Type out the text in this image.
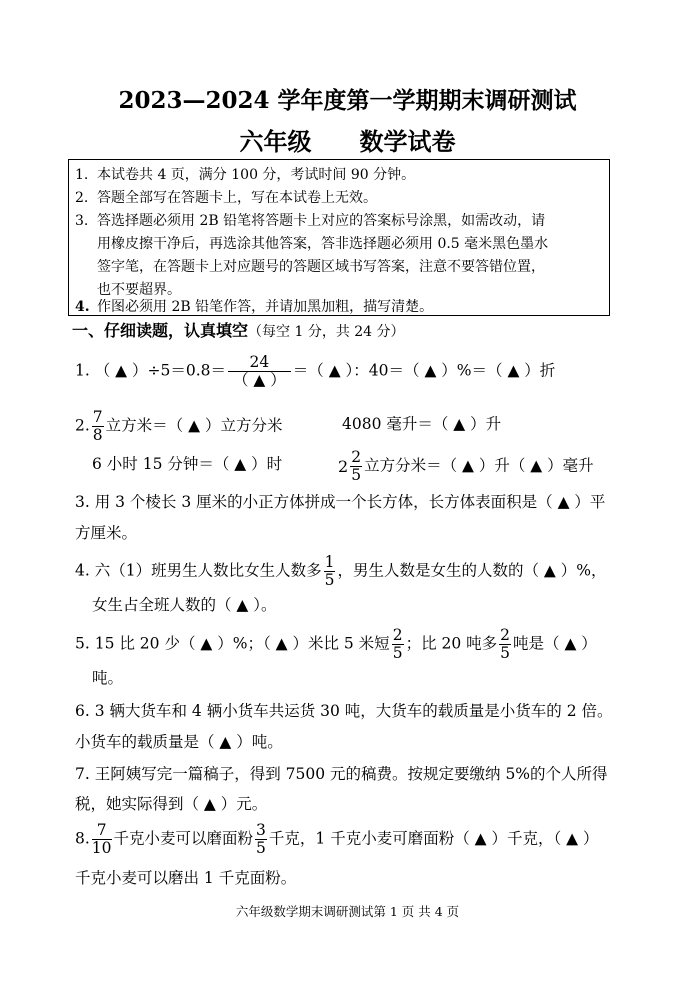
2023—2024 学年度第一学期期末调研测试
六年级 数学试卷
1. 本试卷共 4 页，满分 100 分，考试时间 90 分钟。
2. 答题全部写在答题卡上，写在本试卷上无效。
3. 答选择题必须用 2B 铅笔将答题卡上对应的答案标号涂黑，如需改动，请
用橡皮擦干净后，再选涂其他答案，答非选择题必须用 0.5 毫米黑色墨水
签字笔，在答题卡上对应题号的答题区域书写答案，注意不要答错位置，
也不要超界。
4. 作图必须用 2B 铅笔作答，并请加黑加粗，描写清楚。
一、仔细读题，认真填空（每空 1 分，共 24 分）
1. （ ▲ ）$\div 5=0.8= \frac{24}{( ▲ )}$ ＝（ ▲ ）：40＝（ ▲ ）%＝（ ▲ ）折
2. $\frac{7}{8}$ 立方米＝（ ▲ ）立方分米	4080 毫升＝（ ▲ ）升
6 小时 15 分钟＝（ ▲ ）时	$2 \frac{2}{5}$ 立方分米＝（ ▲ ）升（ ▲ ）毫升
3. 用 3 个棱长 3 厘米的小正方体拼成一个长方体，长方体表面积是（ ▲ ）平
方厘米。
4. 六（1）班男生人数比女生人数多 $\frac{1}{5}$ ，男生人数是女生的人数的（ ▲ ）%，
女生占全班人数的（ ▲ ）。
5. 15 比 20 少（ ▲ ）%；（ ▲ ）米比 5 米短 $\frac{2}{5}$ ；比 20 吨多 $\frac{2}{5}$ 吨是（ ▲ ）
吨。
6. 3 辆大货车和 4 辆小货车共运货 30 吨，大货车的载质量是小货车的 2 倍。
小货车的载质量是（ ▲ ）吨。
7. 王阿姨写完一篇稿子，得到 7500 元的稿费。按规定要缴纳 5%的个人所得
税，她实际得到（ ▲ ）元。
8. $\frac{7}{10}$ 千克小麦可以磨面粉 $\frac{3}{5}$ 千克，1 千克小麦可磨面粉（ ▲ ）千克，（ ▲ ）
千克小麦可以磨出 1 千克面粉。
六年级数学期末调研测试第 1 页 共 4 页
